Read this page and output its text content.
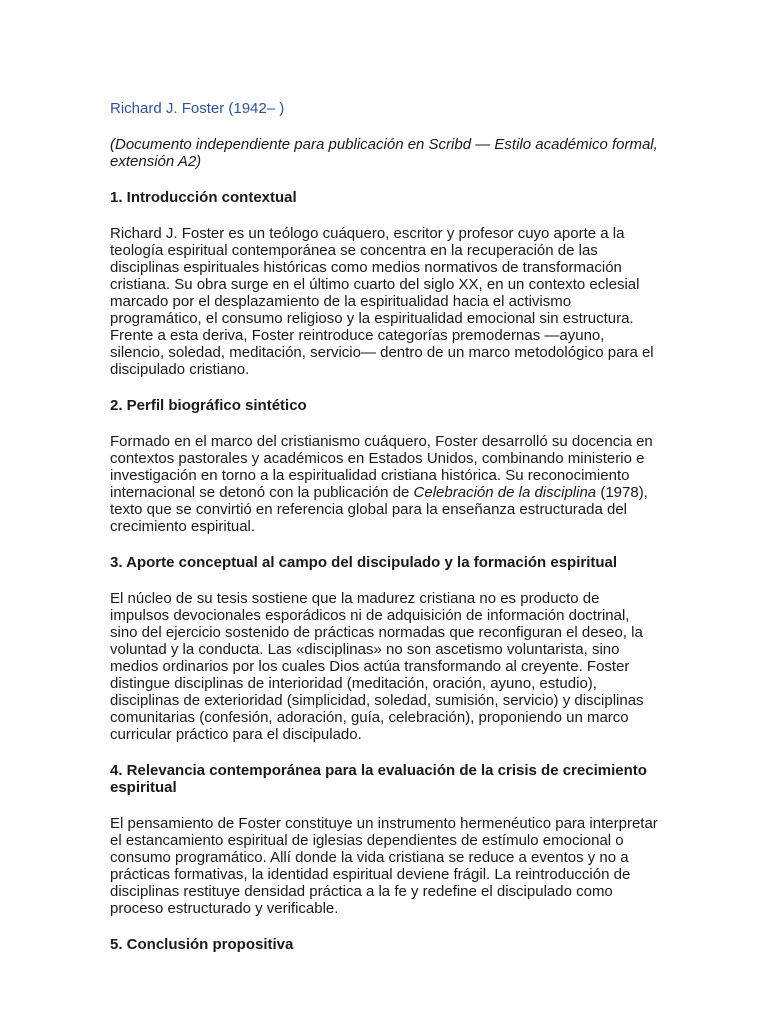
Richard J. Foster (1942– )

(Documento independiente para publicación en Scribd — Estilo académico formal, extensión A2)

1. Introducción contextual

Richard J. Foster es un teólogo cuáquero, escritor y profesor cuyo aporte a la teología espiritual contemporánea se concentra en la recuperación de las disciplinas espirituales históricas como medios normativos de transformación cristiana. Su obra surge en el último cuarto del siglo XX, en un contexto eclesial marcado por el desplazamiento de la espiritualidad hacia el activismo programático, el consumo religioso y la espiritualidad emocional sin estructura. Frente a esta deriva, Foster reintroduce categorías premodernas —ayuno, silencio, soledad, meditación, servicio— dentro de un marco metodológico para el discipulado cristiano.

2. Perfil biográfico sintético

Formado en el marco del cristianismo cuáquero, Foster desarrolló su docencia en contextos pastorales y académicos en Estados Unidos, combinando ministerio e investigación en torno a la espiritualidad cristiana histórica. Su reconocimiento internacional se detonó con la publicación de Celebración de la disciplina (1978), texto que se convirtió en referencia global para la enseñanza estructurada del crecimiento espiritual.

3. Aporte conceptual al campo del discipulado y la formación espiritual

El núcleo de su tesis sostiene que la madurez cristiana no es producto de impulsos devocionales esporádicos ni de adquisición de información doctrinal, sino del ejercicio sostenido de prácticas normadas que reconfiguran el deseo, la voluntad y la conducta. Las «disciplinas» no son ascetismo voluntarista, sino medios ordinarios por los cuales Dios actúa transformando al creyente. Foster distingue disciplinas de interioridad (meditación, oración, ayuno, estudio), disciplinas de exterioridad (simplicidad, soledad, sumisión, servicio) y disciplinas comunitarias (confesión, adoración, guía, celebración), proponiendo un marco curricular práctico para el discipulado.

4. Relevancia contemporánea para la evaluación de la crisis de crecimiento espiritual

El pensamiento de Foster constituye un instrumento hermenéutico para interpretar el estancamiento espiritual de iglesias dependientes de estímulo emocional o consumo programático. Allí donde la vida cristiana se reduce a eventos y no a prácticas formativas, la identidad espiritual deviene frágil. La reintroducción de disciplinas restituye densidad práctica a la fe y redefine el discipulado como proceso estructurado y verificable.

5. Conclusión propositiva
